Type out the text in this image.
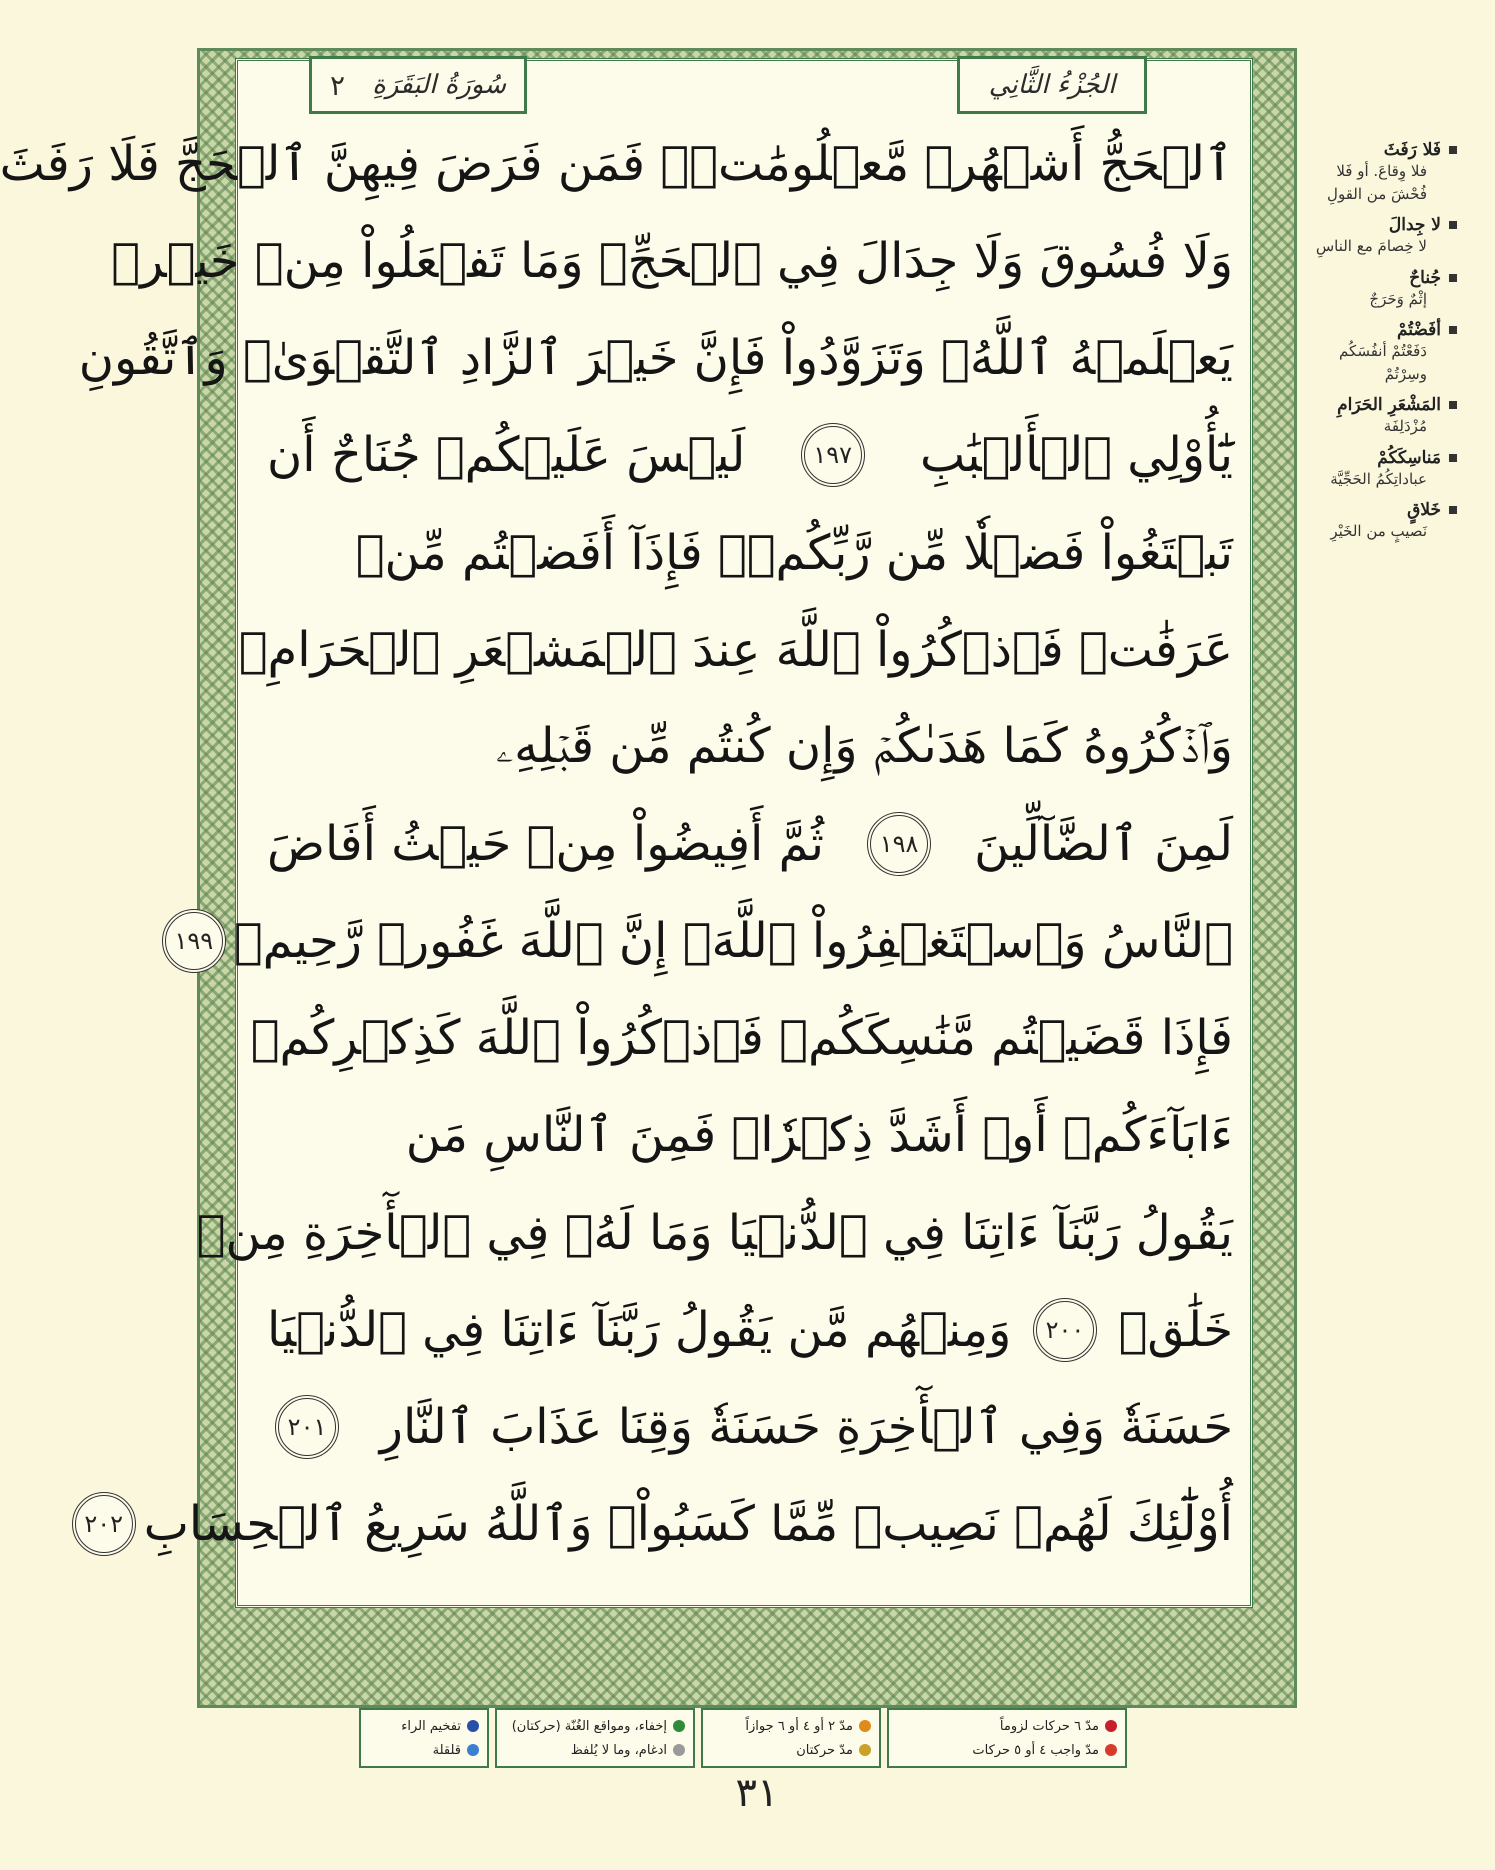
سُورَةُ البَقَرَةِ
٢	الجُزْءُ الثَّانِي
ٱلۡحَجُّ أَشۡهُرٞ مَّعۡلُومَٰتٞۚ فَمَن فَرَضَ فِيهِنَّ ٱلۡحَجَّ فَلَا رَفَثَ
وَلَا فُسُوقَ وَلَا جِدَالَ فِي ٱلۡحَجِّۗ وَمَا تَفۡعَلُواْ مِنۡ خَيۡرٖ
يَعۡلَمۡهُ ٱللَّهُۗ وَتَزَوَّدُواْ فَإِنَّ خَيۡرَ ٱلزَّادِ ٱلتَّقۡوَىٰۖ وَٱتَّقُونِ
يَٰٓأُوْلِي ٱلۡأَلۡبَٰبِ
١٩٧
لَيۡسَ عَلَيۡكُمۡ جُنَاحٌ أَن
تَبۡتَغُواْ فَضۡلٗا مِّن رَّبِّكُمۡۚ فَإِذَآ أَفَضۡتُم مِّنۡ
عَرَفَٰتٖ فَٱذۡكُرُواْ ٱللَّهَ عِندَ ٱلۡمَشۡعَرِ ٱلۡحَرَامِۖ
وَٱذۡكُرُوهُ كَمَا هَدَىٰكُمۡ وَإِن كُنتُم مِّن قَبۡلِهِۦ
لَمِنَ ٱلضَّآلِّينَ
١٩٨
ثُمَّ أَفِيضُواْ مِنۡ حَيۡثُ أَفَاضَ
ٱلنَّاسُ وَٱسۡتَغۡفِرُواْ ٱللَّهَۚ إِنَّ ٱللَّهَ غَفُورٞ رَّحِيمٞ
١٩٩
فَإِذَا قَضَيۡتُم مَّنَٰسِكَكُمۡ فَٱذۡكُرُواْ ٱللَّهَ كَذِكۡرِكُمۡ
ءَابَآءَكُمۡ أَوۡ أَشَدَّ ذِكۡرٗاۗ فَمِنَ ٱلنَّاسِ مَن
يَقُولُ رَبَّنَآ ءَاتِنَا فِي ٱلدُّنۡيَا وَمَا لَهُۥ فِي ٱلۡأٓخِرَةِ مِنۡ
خَلَٰقٖ
٢٠٠
وَمِنۡهُم مَّن يَقُولُ رَبَّنَآ ءَاتِنَا فِي ٱلدُّنۡيَا
حَسَنَةٗ وَفِي ٱلۡأٓخِرَةِ حَسَنَةٗ وَقِنَا عَذَابَ ٱلنَّارِ
٢٠١
أُوْلَٰٓئِكَ لَهُمۡ نَصِيبٞ مِّمَّا كَسَبُواْۚ وَٱللَّهُ سَرِيعُ ٱلۡحِسَابِ
٢٠٢
فَلا رَفَثَ
فلا وِقاعَ. أو فَلا فُحْشَ من القولِ
لا جِدالَ
لا خِصامَ مع الناسِ
جُناحٌ
إثْمٌ وَحَرَجٌ
أفَضْتُمْ
دَفَعْتُمْ أنفُسَكُم وسِرْتُمْ
المَشْعَرِ الحَرَامِ
مُزْدَلِفَة
مَناسِكَكُمْ
عباداتِكُمُ الحَجِّيَّة
خَلاقٍ
نَصيبٍ من الخَيْرِ
مدّ ٦ حركات لزوماً
مدّ واجب ٤ أو ٥ حركات
مدّ ٢ أو ٤ أو ٦ جوازاً
مدّ حركتان
إخفاء، ومواقع الغُنّة (حركتان)
ادغام، وما لا يُلفظ
تفخيم الراء
قلقلة
٣١
